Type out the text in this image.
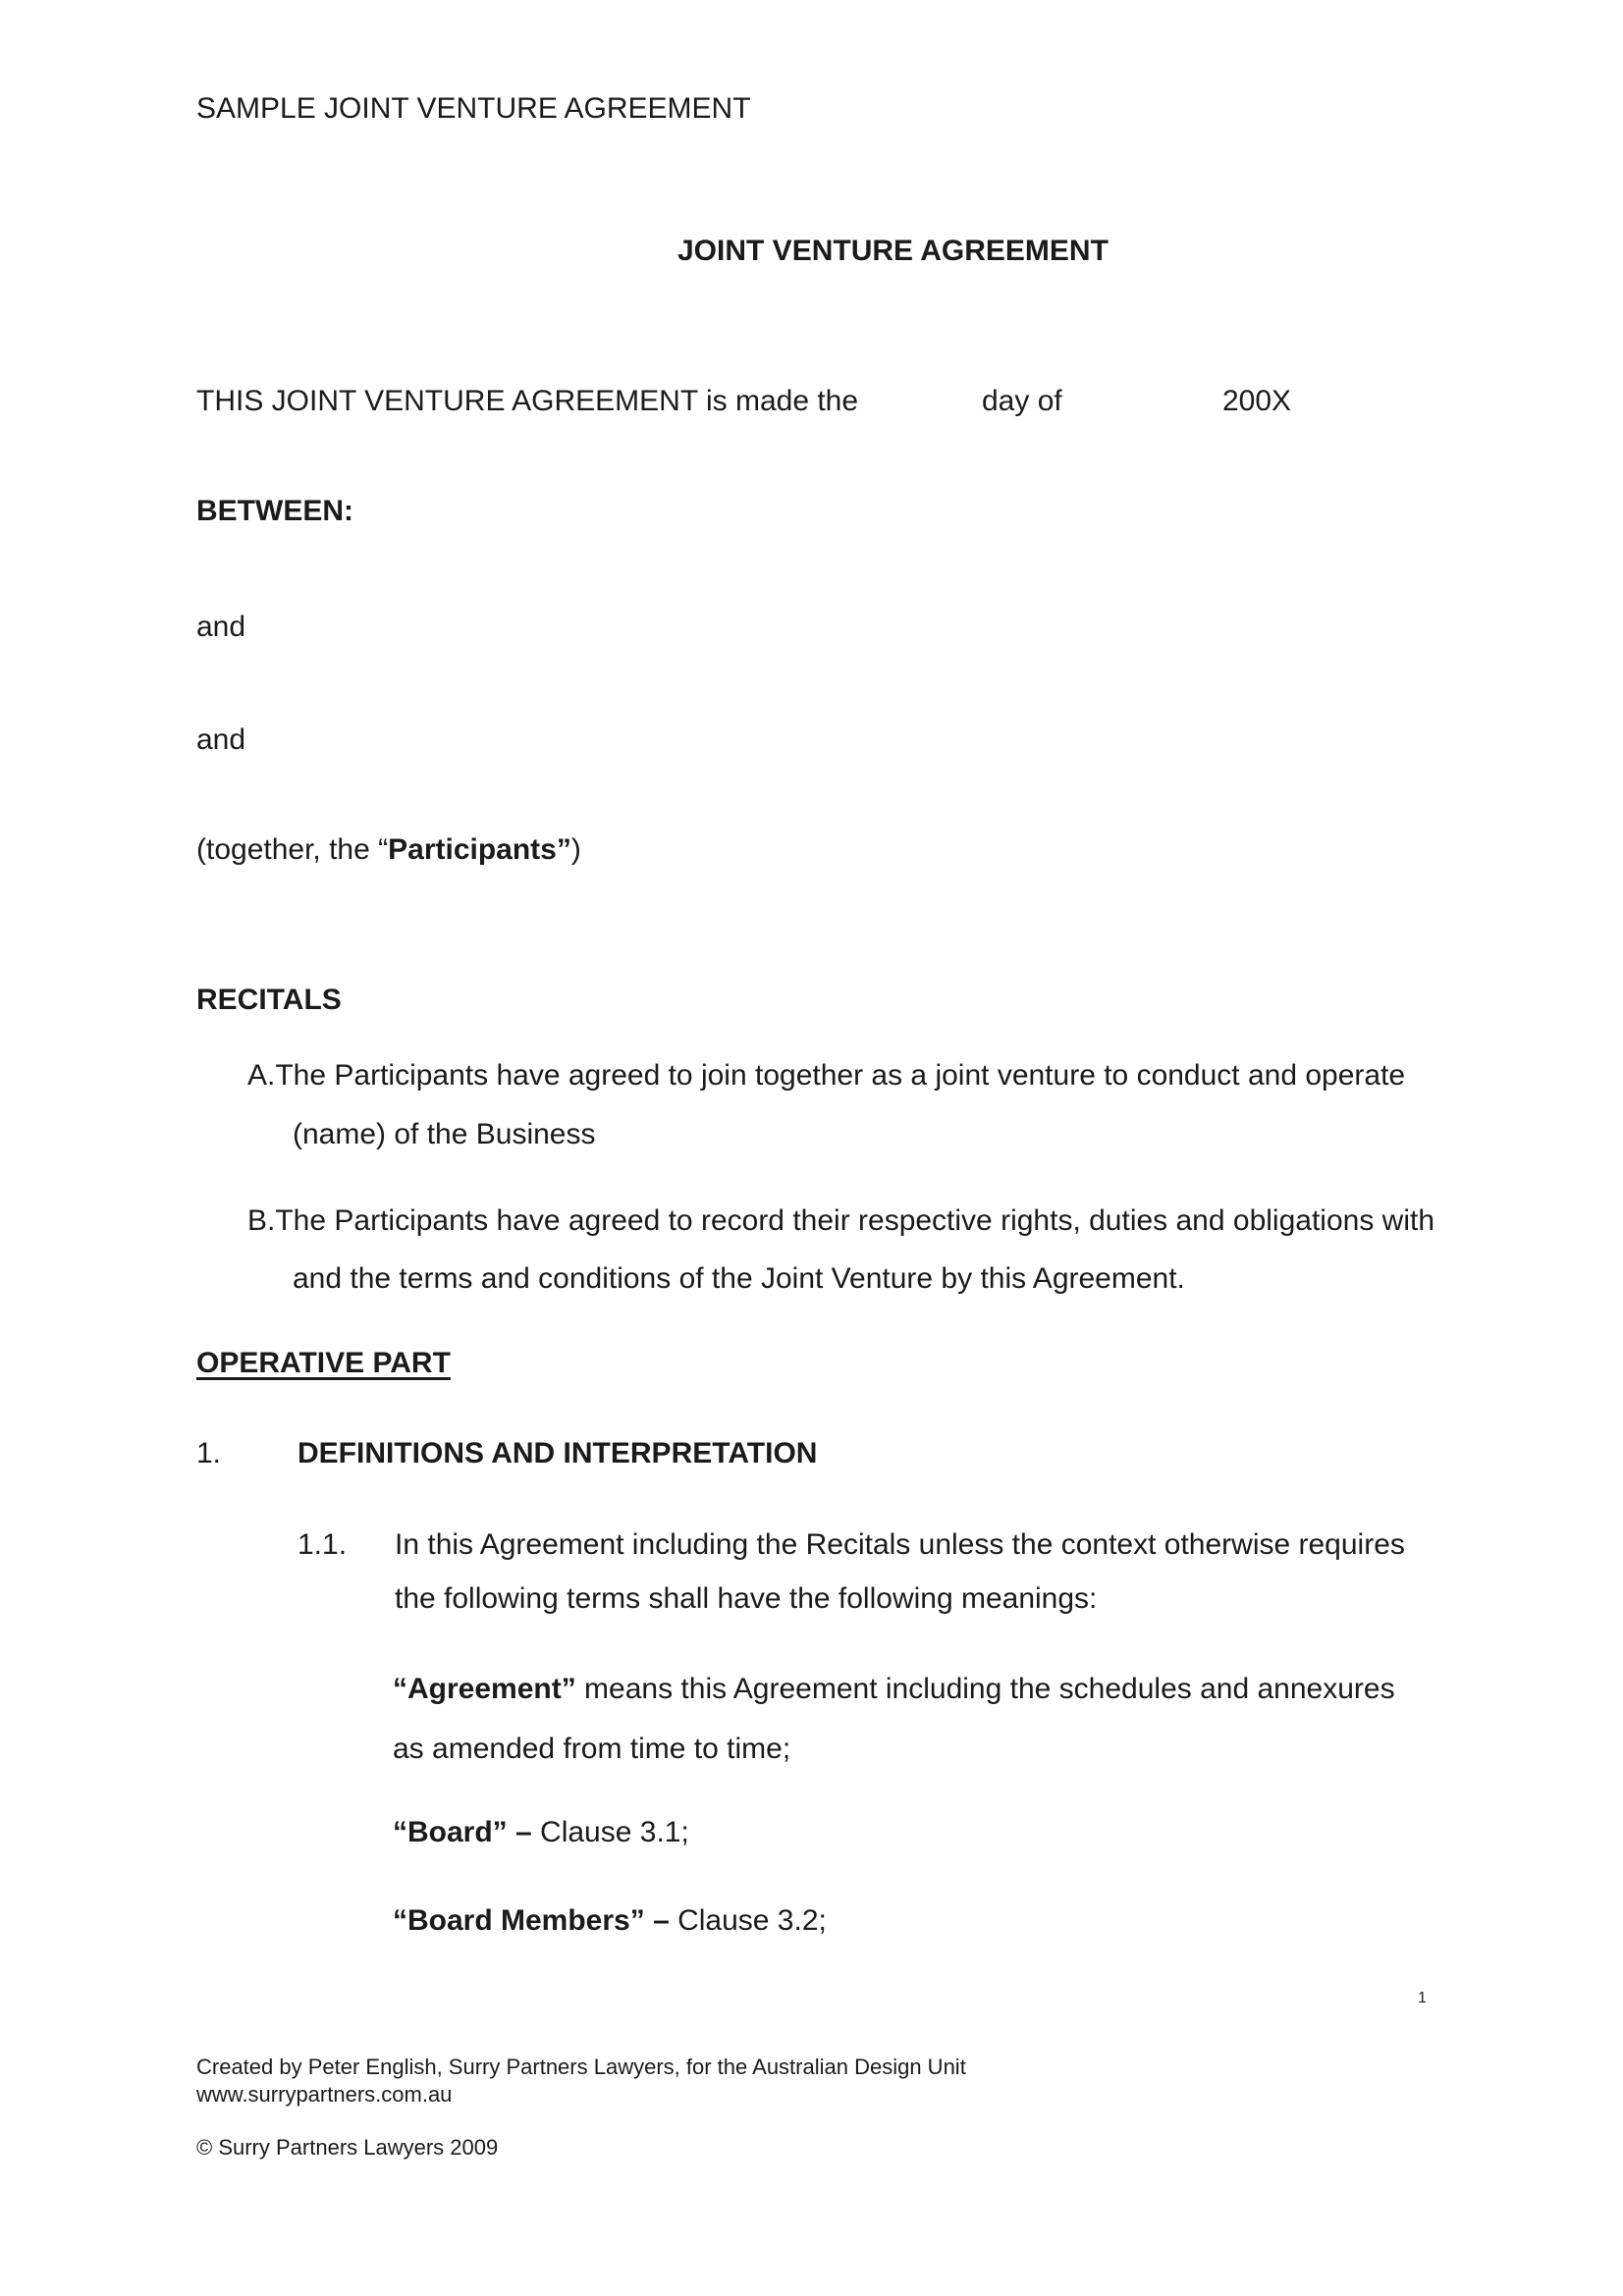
SAMPLE JOINT VENTURE AGREEMENT
JOINT VENTURE AGREEMENT
THIS JOINT VENTURE AGREEMENT is made the	day of	200X
BETWEEN:
and
and
(together, the “Participants”)
RECITALS
A.The Participants have agreed to join together as a joint venture to conduct and operate
(name) of the Business
B.The Participants have agreed to record their respective rights, duties and obligations with
and the terms and conditions of the Joint Venture by this Agreement.
OPERATIVE PART
1.	DEFINITIONS AND INTERPRETATION
1.1. In this Agreement including the Recitals unless the context otherwise requires
the following terms shall have the following meanings:
“Agreement” means this Agreement including the schedules and annexures
as amended from time to time;
“Board” – Clause 3.1;
“Board Members” – Clause 3.2;
1
Created by Peter English, Surry Partners Lawyers, for the Australian Design Unit
www.surrypartners.com.au
© Surry Partners Lawyers 2009
